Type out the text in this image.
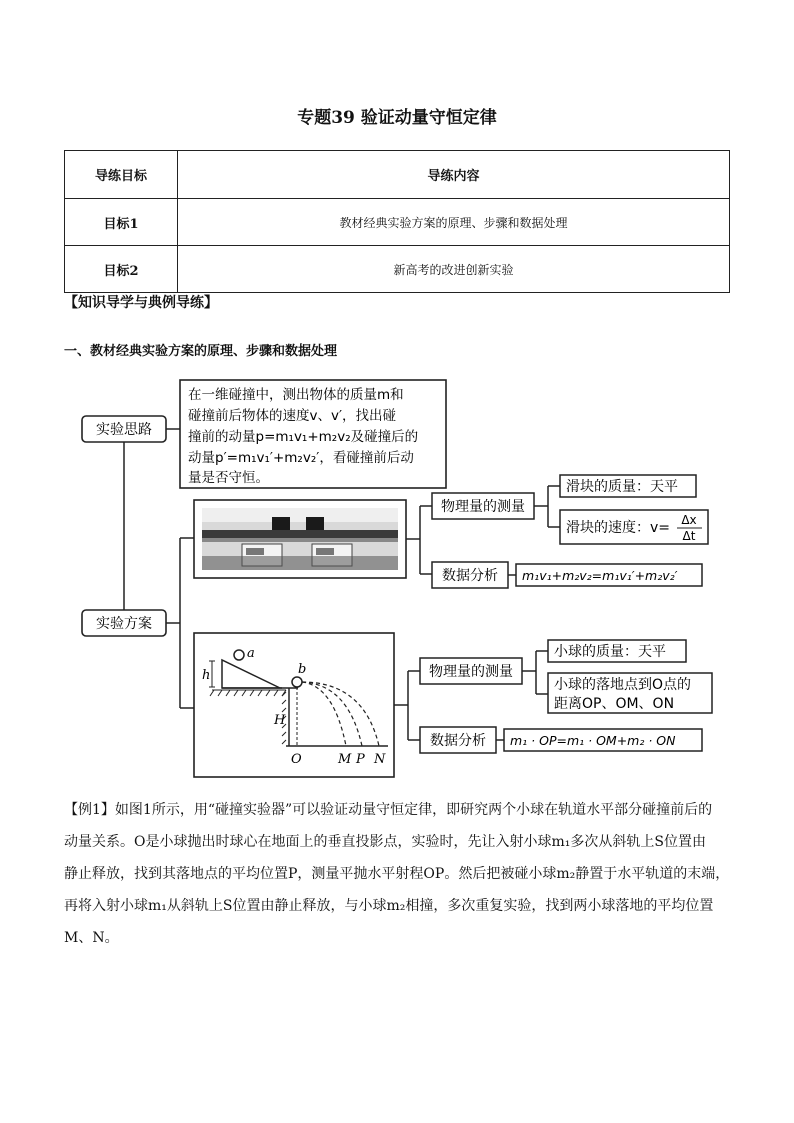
专题39 验证动量守恒定律
导练目标	导练内容
目标1	教材经典实验方案的原理、步骤和数据处理
目标2	新高考的改进创新实验
【知识导学与典例导练】
一、教材经典实验方案的原理、步骤和数据处理
实验思路
在一维碰撞中，测出物体的质量m和
碰撞前后物体的速度v、v′，找出碰
撞前的动量p=m₁v₁+m₂v₂及碰撞后的
动量p′=m₁v₁′+m₂v₂′，看碰撞前后动
量是否守恒。
实验方案
物理量的测量
滑块的质量：天平
滑块的速度：v= Δx
Δt
数据分析 m₁v₁+m₂v₂=m₁v₁′+m₂v₂′
h
a
b
H
O	M P N
物理量的测量
小球的质量：天平
小球的落地点到O点的
距离OP、OM、ON
数据分析 m₁ · OP=m₁ · OM+m₂ · ON
【例1】如图1所示，用“碰撞实验器”可以验证动量守恒定律，即研究两个小球在轨道水平部分碰撞前后的
动量关系。O是小球抛出时球心在地面上的垂直投影点，实验时，先让入射小球m₁多次从斜轨上S位置由
静止释放，找到其落地点的平均位置P，测量平抛水平射程OP。然后把被碰小球m₂静置于水平轨道的末端，
再将入射小球m₁从斜轨上S位置由静止释放，与小球m₂相撞，多次重复实验，找到两小球落地的平均位置
M、N。
